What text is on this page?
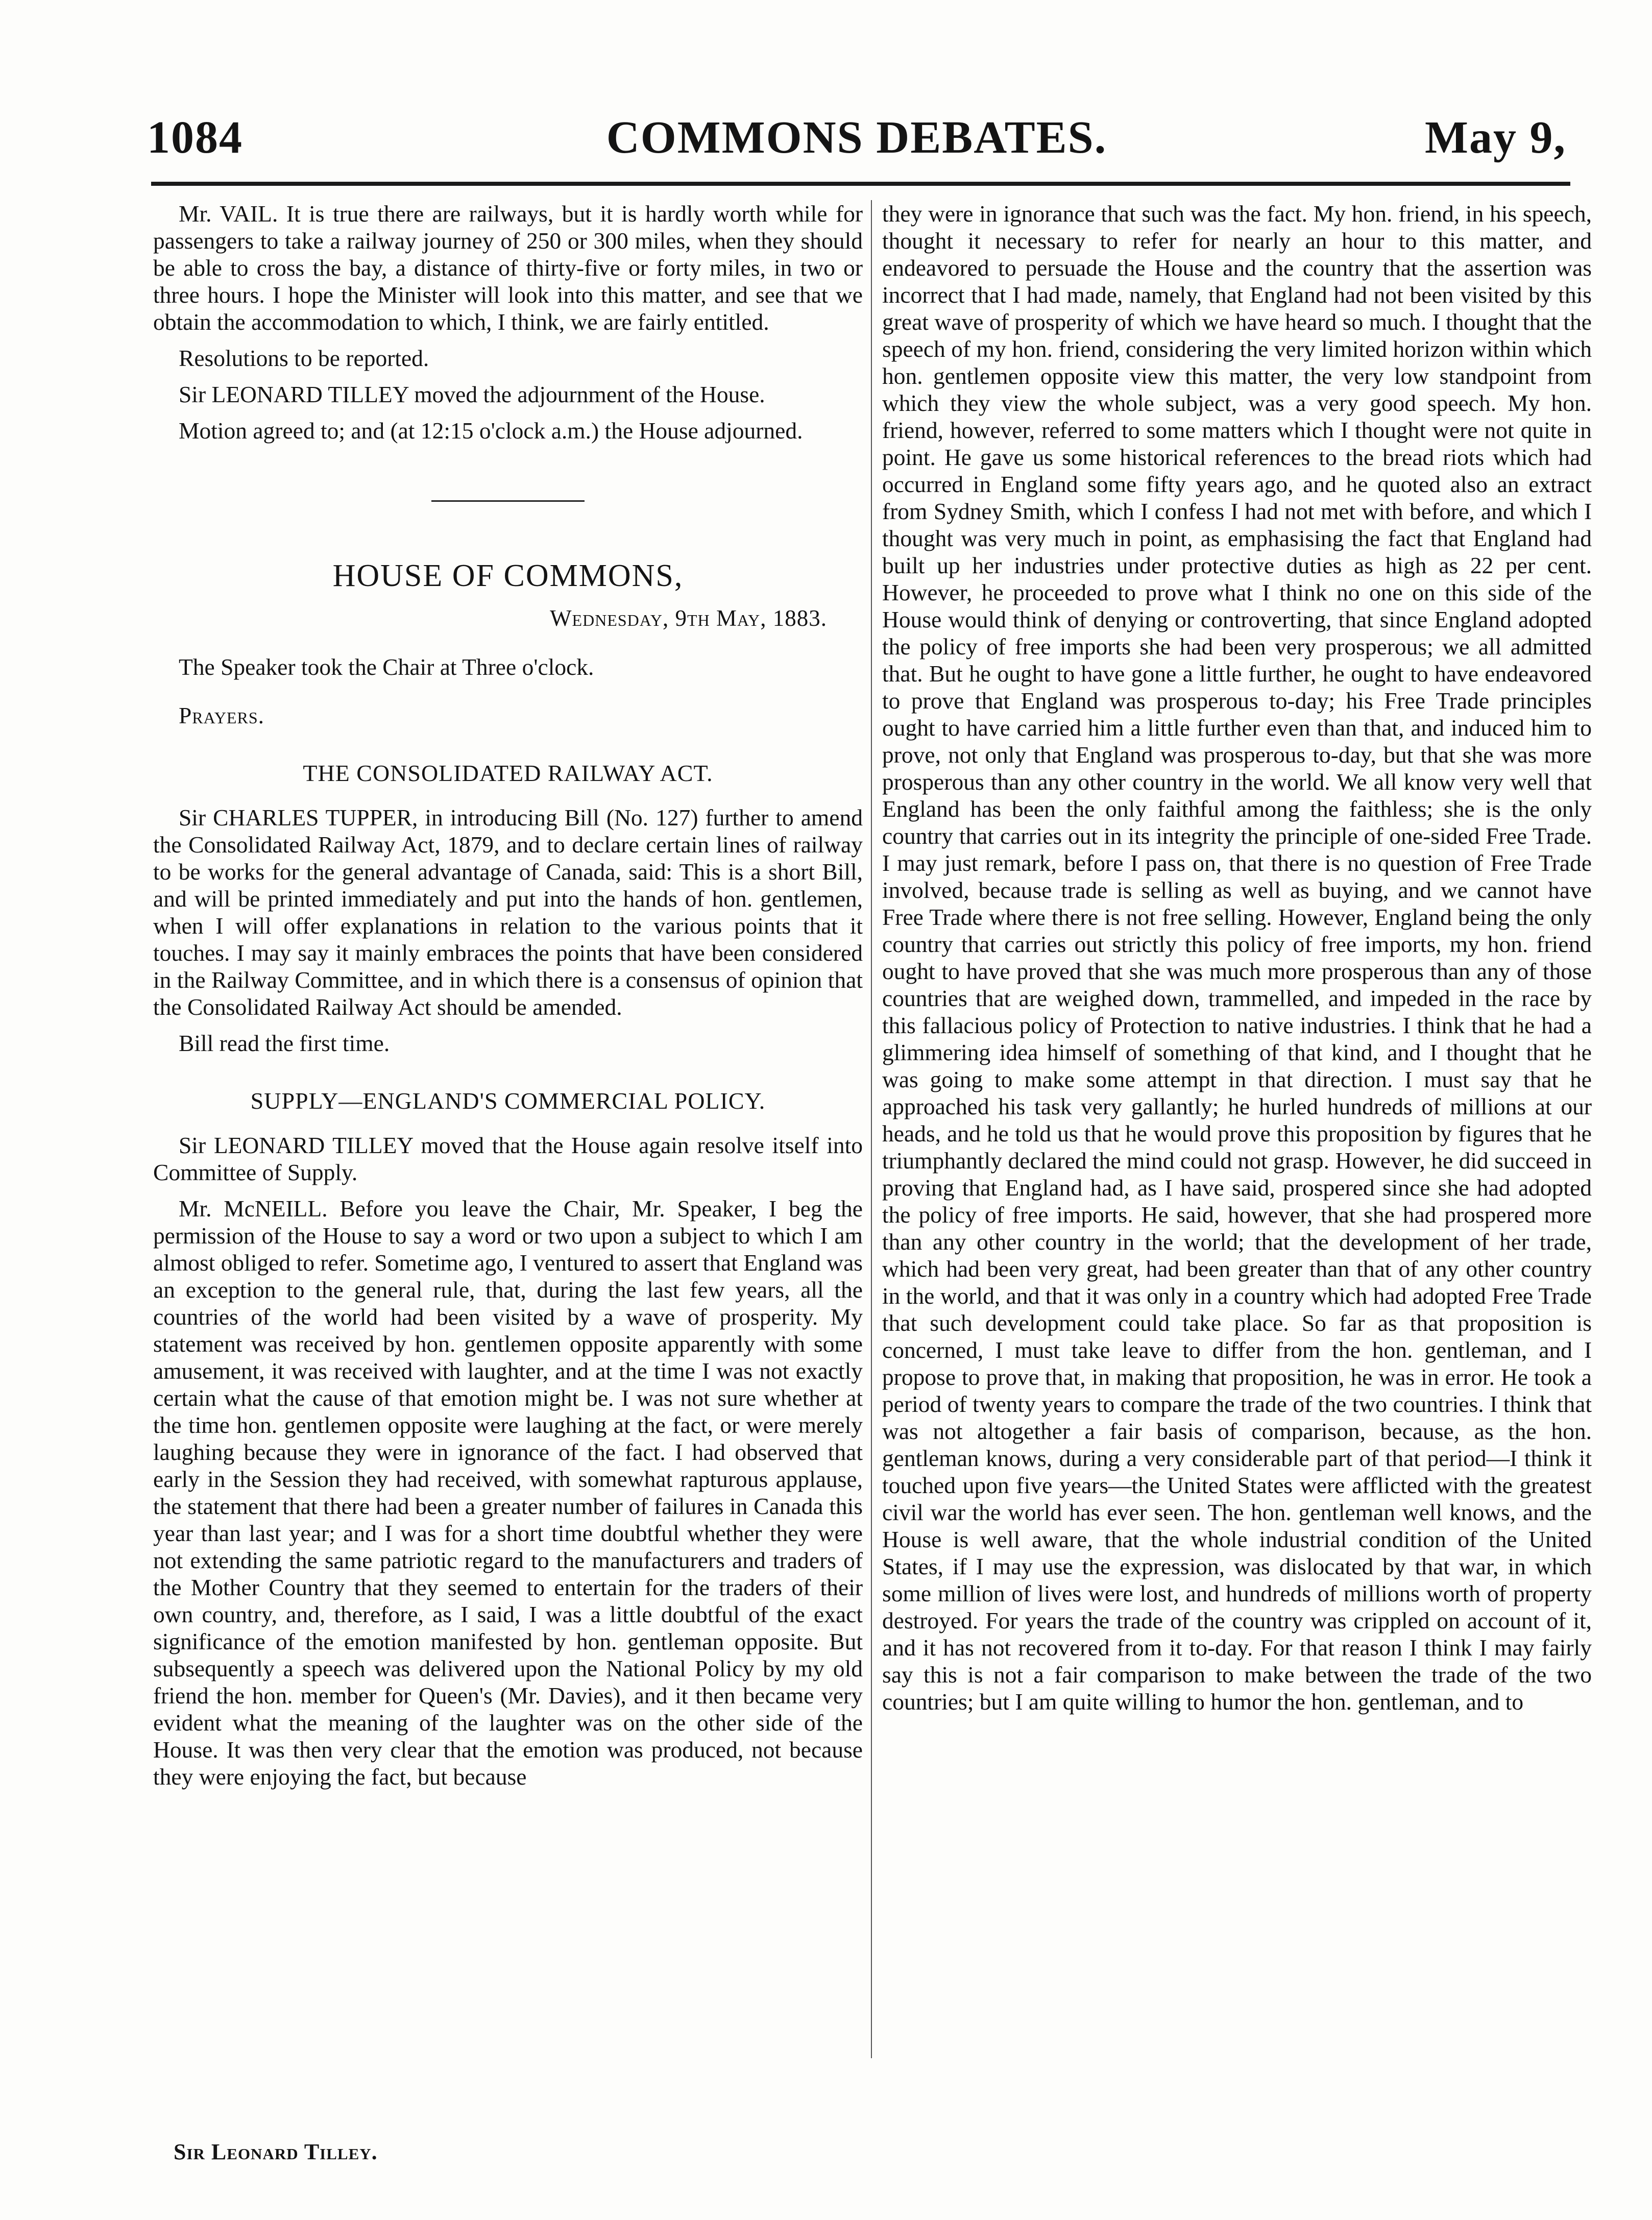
1084	COMMONS DEBATES.	May 9,

Mr. VAIL. It is true there are railways, but it is hardly worth while for passengers to take a railway journey of 250 or 300 miles, when they should be able to cross the bay, a distance of thirty-five or forty miles, in two or three hours. I hope the Minister will look into this matter, and see that we obtain the accommodation to which, I think, we are fairly entitled.

Resolutions to be reported.

Sir LEONARD TILLEY moved the adjournment of the House.

Motion agreed to; and (at 12:15 o'clock a.m.) the House adjourned.

HOUSE OF COMMONS,
Wednesday, 9th May, 1883.

The Speaker took the Chair at Three o'clock.

Prayers.

THE CONSOLIDATED RAILWAY ACT.

Sir CHARLES TUPPER, in introducing Bill (No. 127) further to amend the Consolidated Railway Act, 1879, and to declare certain lines of railway to be works for the general advantage of Canada, said: This is a short Bill, and will be printed immediately and put into the hands of hon. gentlemen, when I will offer explanations in relation to the various points that it touches. I may say it mainly embraces the points that have been considered in the Railway Committee, and in which there is a consensus of opinion that the Consolidated Railway Act should be amended.

Bill read the first time.

SUPPLY—ENGLAND'S COMMERCIAL POLICY.

Sir LEONARD TILLEY moved that the House again resolve itself into Committee of Supply.

Mr. McNEILL. Before you leave the Chair, Mr. Speaker, I beg the permission of the House to say a word or two upon a subject to which I am almost obliged to refer. Sometime ago, I ventured to assert that England was an exception to the general rule, that, during the last few years, all the countries of the world had been visited by a wave of prosperity. My statement was received by hon. gentlemen opposite apparently with some amusement, it was received with laughter, and at the time I was not exactly certain what the cause of that emotion might be. I was not sure whether at the time hon. gentlemen opposite were laughing at the fact, or were merely laughing because they were in ignorance of the fact. I had observed that early in the Session they had received, with somewhat rapturous applause, the statement that there had been a greater number of failures in Canada this year than last year; and I was for a short time doubtful whether they were not extending the same patriotic regard to the manufacturers and traders of the Mother Country that they seemed to entertain for the traders of their own country, and, therefore, as I said, I was a little doubtful of the exact significance of the emotion manifested by hon. gentleman opposite. But subsequently a speech was delivered upon the National Policy by my old friend the hon. member for Queen's (Mr. Davies), and it then became very evident what the meaning of the laughter was on the other side of the House. It was then very clear that the emotion was produced, not because they were enjoying the fact, but because

they were in ignorance that such was the fact. My hon. friend, in his speech, thought it necessary to refer for nearly an hour to this matter, and endeavored to persuade the House and the country that the assertion was incorrect that I had made, namely, that England had not been visited by this great wave of prosperity of which we have heard so much. I thought that the speech of my hon. friend, considering the very limited horizon within which hon. gentlemen opposite view this matter, the very low standpoint from which they view the whole subject, was a very good speech. My hon. friend, however, referred to some matters which I thought were not quite in point. He gave us some historical references to the bread riots which had occurred in England some fifty years ago, and he quoted also an extract from Sydney Smith, which I confess I had not met with before, and which I thought was very much in point, as emphasising the fact that England had built up her industries under protective duties as high as 22 per cent. However, he proceeded to prove what I think no one on this side of the House would think of denying or controverting, that since England adopted the policy of free imports she had been very prosperous; we all admitted that. But he ought to have gone a little further, he ought to have endeavored to prove that England was prosperous to-day; his Free Trade principles ought to have carried him a little further even than that, and induced him to prove, not only that England was prosperous to-day, but that she was more prosperous than any other country in the world. We all know very well that England has been the only faithful among the faithless; she is the only country that carries out in its integrity the principle of one-sided Free Trade. I may just remark, before I pass on, that there is no question of Free Trade involved, because trade is selling as well as buying, and we cannot have Free Trade where there is not free selling. However, England being the only country that carries out strictly this policy of free imports, my hon. friend ought to have proved that she was much more prosperous than any of those countries that are weighed down, trammelled, and impeded in the race by this fallacious policy of Protection to native industries. I think that he had a glimmering idea himself of something of that kind, and I thought that he was going to make some attempt in that direction. I must say that he approached his task very gallantly; he hurled hundreds of millions at our heads, and he told us that he would prove this proposition by figures that he triumphantly declared the mind could not grasp. However, he did succeed in proving that England had, as I have said, prospered since she had adopted the policy of free imports. He said, however, that she had prospered more than any other country in the world; that the development of her trade, which had been very great, had been greater than that of any other country in the world, and that it was only in a country which had adopted Free Trade that such development could take place. So far as that proposition is concerned, I must take leave to differ from the hon. gentleman, and I propose to prove that, in making that proposition, he was in error. He took a period of twenty years to compare the trade of the two countries. I think that was not altogether a fair basis of comparison, because, as the hon. gentleman knows, during a very considerable part of that period—I think it touched upon five years—the United States were afflicted with the greatest civil war the world has ever seen. The hon. gentleman well knows, and the House is well aware, that the whole industrial condition of the United States, if I may use the expression, was dislocated by that war, in which some million of lives were lost, and hundreds of millions worth of property destroyed. For years the trade of the country was crippled on account of it, and it has not recovered from it to-day. For that reason I think I may fairly say this is not a fair comparison to make between the trade of the two countries; but I am quite willing to humor the hon. gentleman, and to

Sir Leonard Tilley.
